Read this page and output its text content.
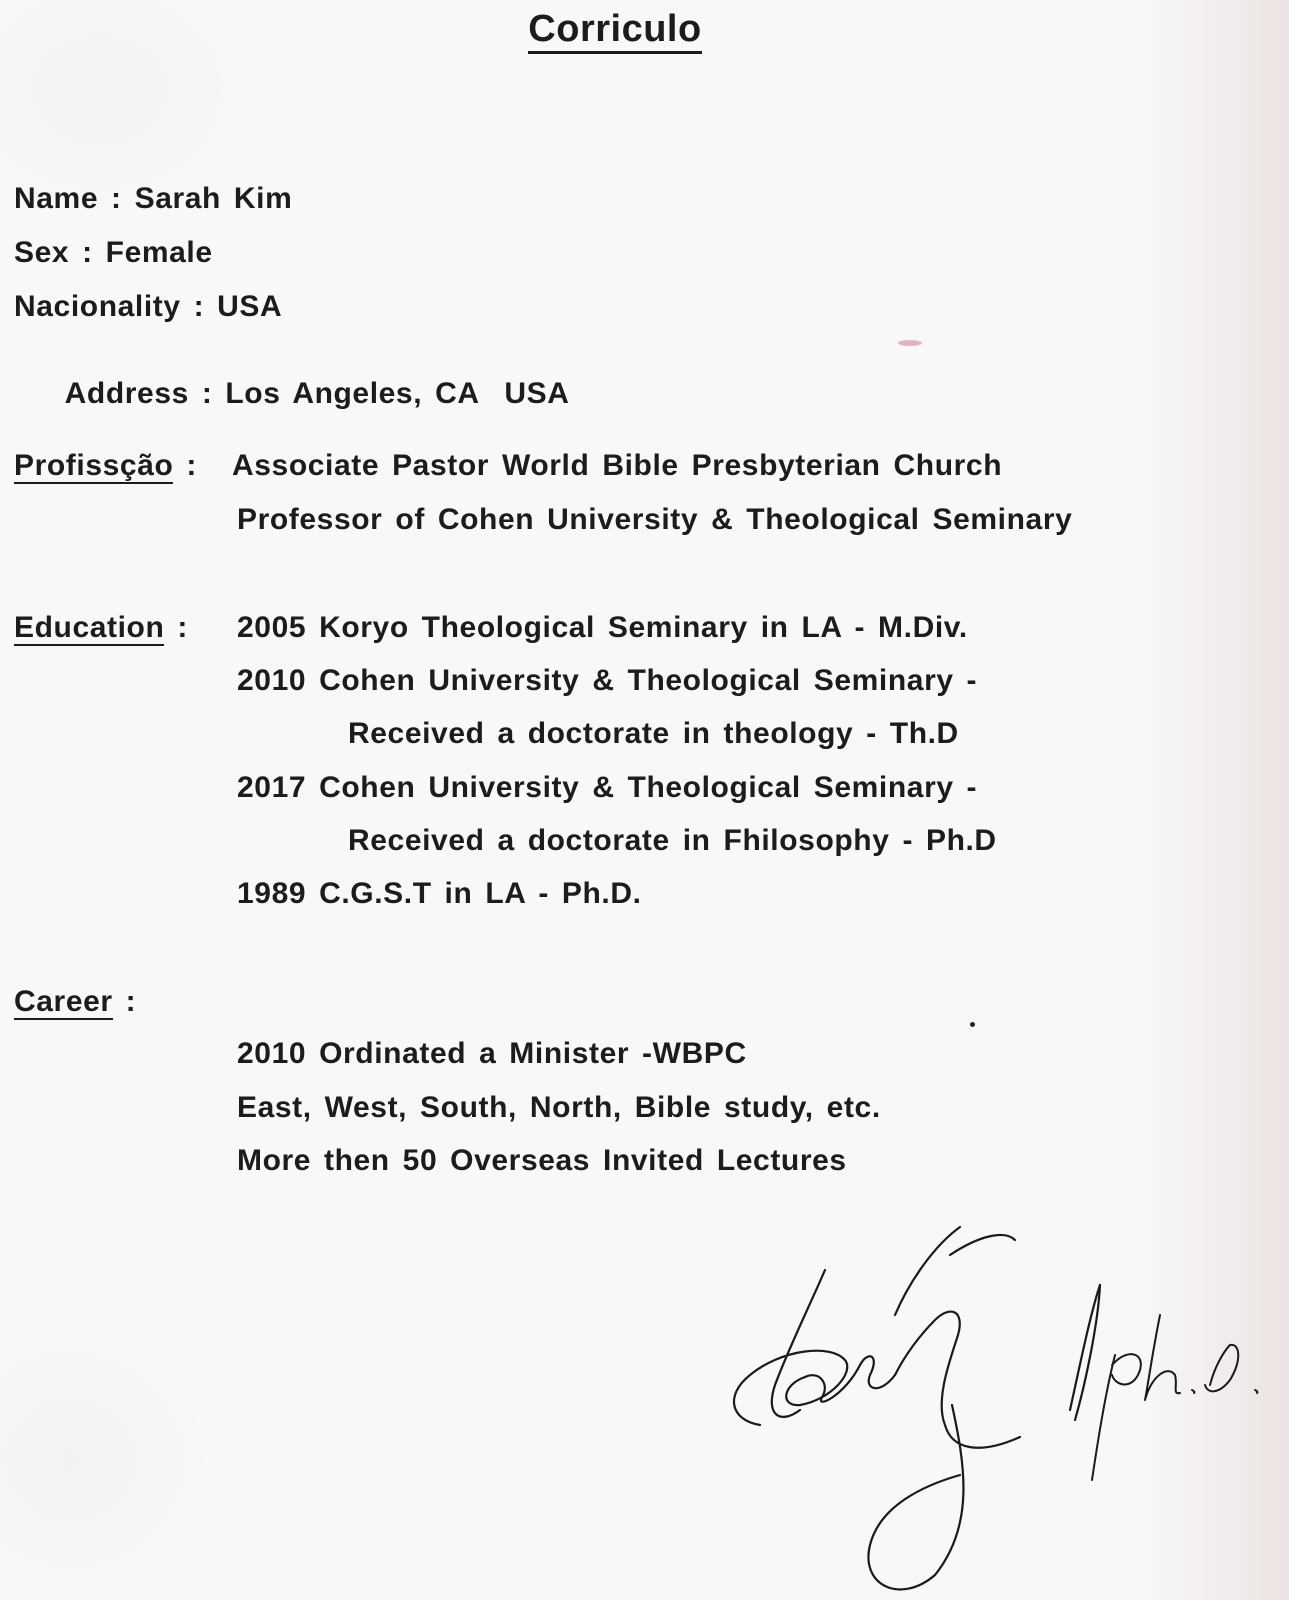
Corriculo
Name : Sarah Kim
Sex : Female
Nacionality : USA

Address : Los Angeles, CA  USA

Profissção : Associate Pastor World Bible Presbyterian Church
Professor of Cohen University & Theological Seminary
Education : 2005 Koryo Theological Seminary in LA - M.Div.
2010 Cohen University & Theological Seminary -
Received a doctorate in theology - Th.D
2017 Cohen University & Theological Seminary -
Received a doctorate in Fhilosophy - Ph.D
1989 C.G.S.T in LA - Ph.D.
Career :
2010 Ordinated a Minister -WBPC
East, West, South, North, Bible study, etc.
More then 50 Overseas Invited Lectures
